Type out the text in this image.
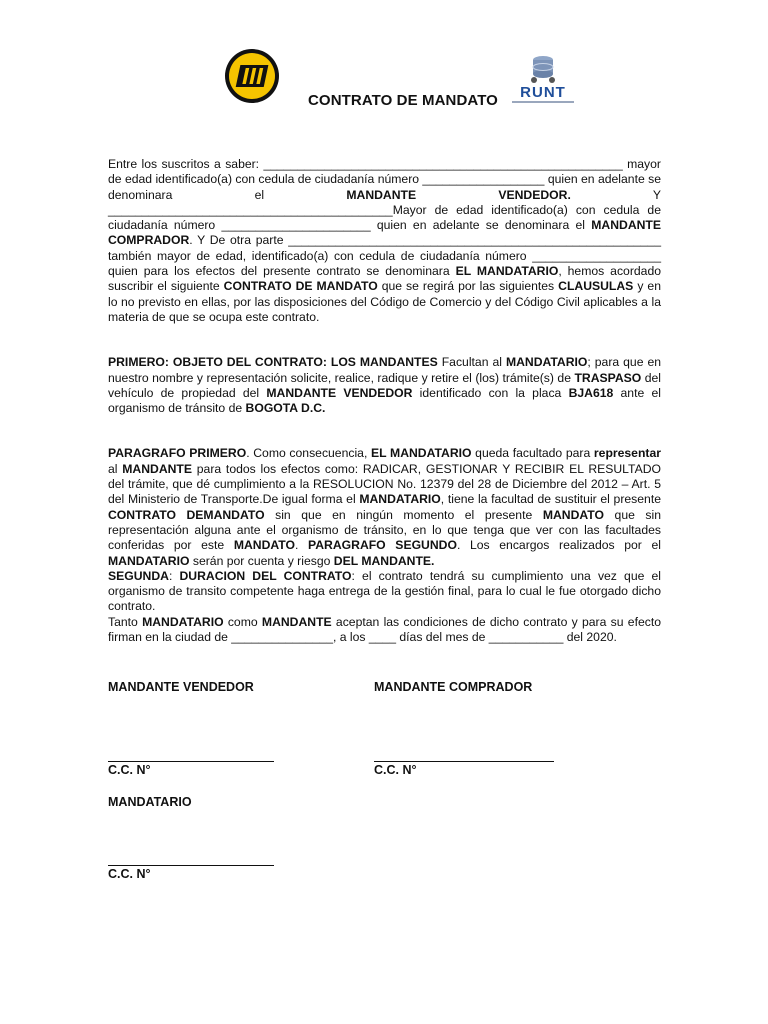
CONTRATO DE MANDATO	RUNT

Entre los suscritos a saber: _____________________________________________________ mayor de edad identificado(a) con cedula de ciudadanía número __________________ quien en adelante se denominara el MANDANTE VENDEDOR. Y __________________________________________Mayor de edad identificado(a) con cedula de ciudadanía número ______________________ quien en adelante se denominara el MANDANTE COMPRADOR. Y De otra parte _______________________________________________________ también mayor de edad, identificado(a) con cedula de ciudadanía número ___________________ quien para los efectos del presente contrato se denominara EL MANDATARIO, hemos acordado suscribir el siguiente CONTRATO DE MANDATO que se regirá por las siguientes CLAUSULAS y en lo no previsto en ellas, por las disposiciones del Código de Comercio y del Código Civil aplicables a la materia de que se ocupa este contrato.

PRIMERO: OBJETO DEL CONTRATO: LOS MANDANTES Facultan al MANDATARIO; para que en nuestro nombre y representación solicite, realice, radique y retire el (los) trámite(s) de TRASPASO del vehículo de propiedad del MANDANTE VENDEDOR identificado con la placa BJA618 ante el organismo de tránsito de BOGOTA D.C.

PARAGRAFO PRIMERO. Como consecuencia, EL MANDATARIO queda facultado para representar al MANDANTE para todos los efectos como: RADICAR, GESTIONAR Y RECIBIR EL RESULTADO del trámite, que dé cumplimiento a la RESOLUCION No. 12379 del 28 de Diciembre del 2012 – Art. 5 del Ministerio de Transporte.De igual forma el MANDATARIO, tiene la facultad de sustituir el presente CONTRATO DEMANDATO sin que en ningún momento el presente MANDATO que sin representación alguna ante el organismo de tránsito, en lo que tenga que ver con las facultades conferidas por este MANDATO. PARAGRAFO SEGUNDO. Los encargos realizados por el MANDATARIO serán por cuenta y riesgo DEL MANDANTE.

SEGUNDA: DURACION DEL CONTRATO: el contrato tendrá su cumplimiento una vez que el organismo de transito competente haga entrega de la gestión final, para lo cual le fue otorgado dicho contrato.

Tanto MANDATARIO como MANDANTE aceptan las condiciones de dicho contrato y para su efecto firman en la ciudad de _______________, a los ____ días del mes de ___________ del 2020.

MANDANTE VENDEDOR	MANDANTE COMPRADOR
C.C. N°	C.C. N°
MANDATARIO
C.C. N°
